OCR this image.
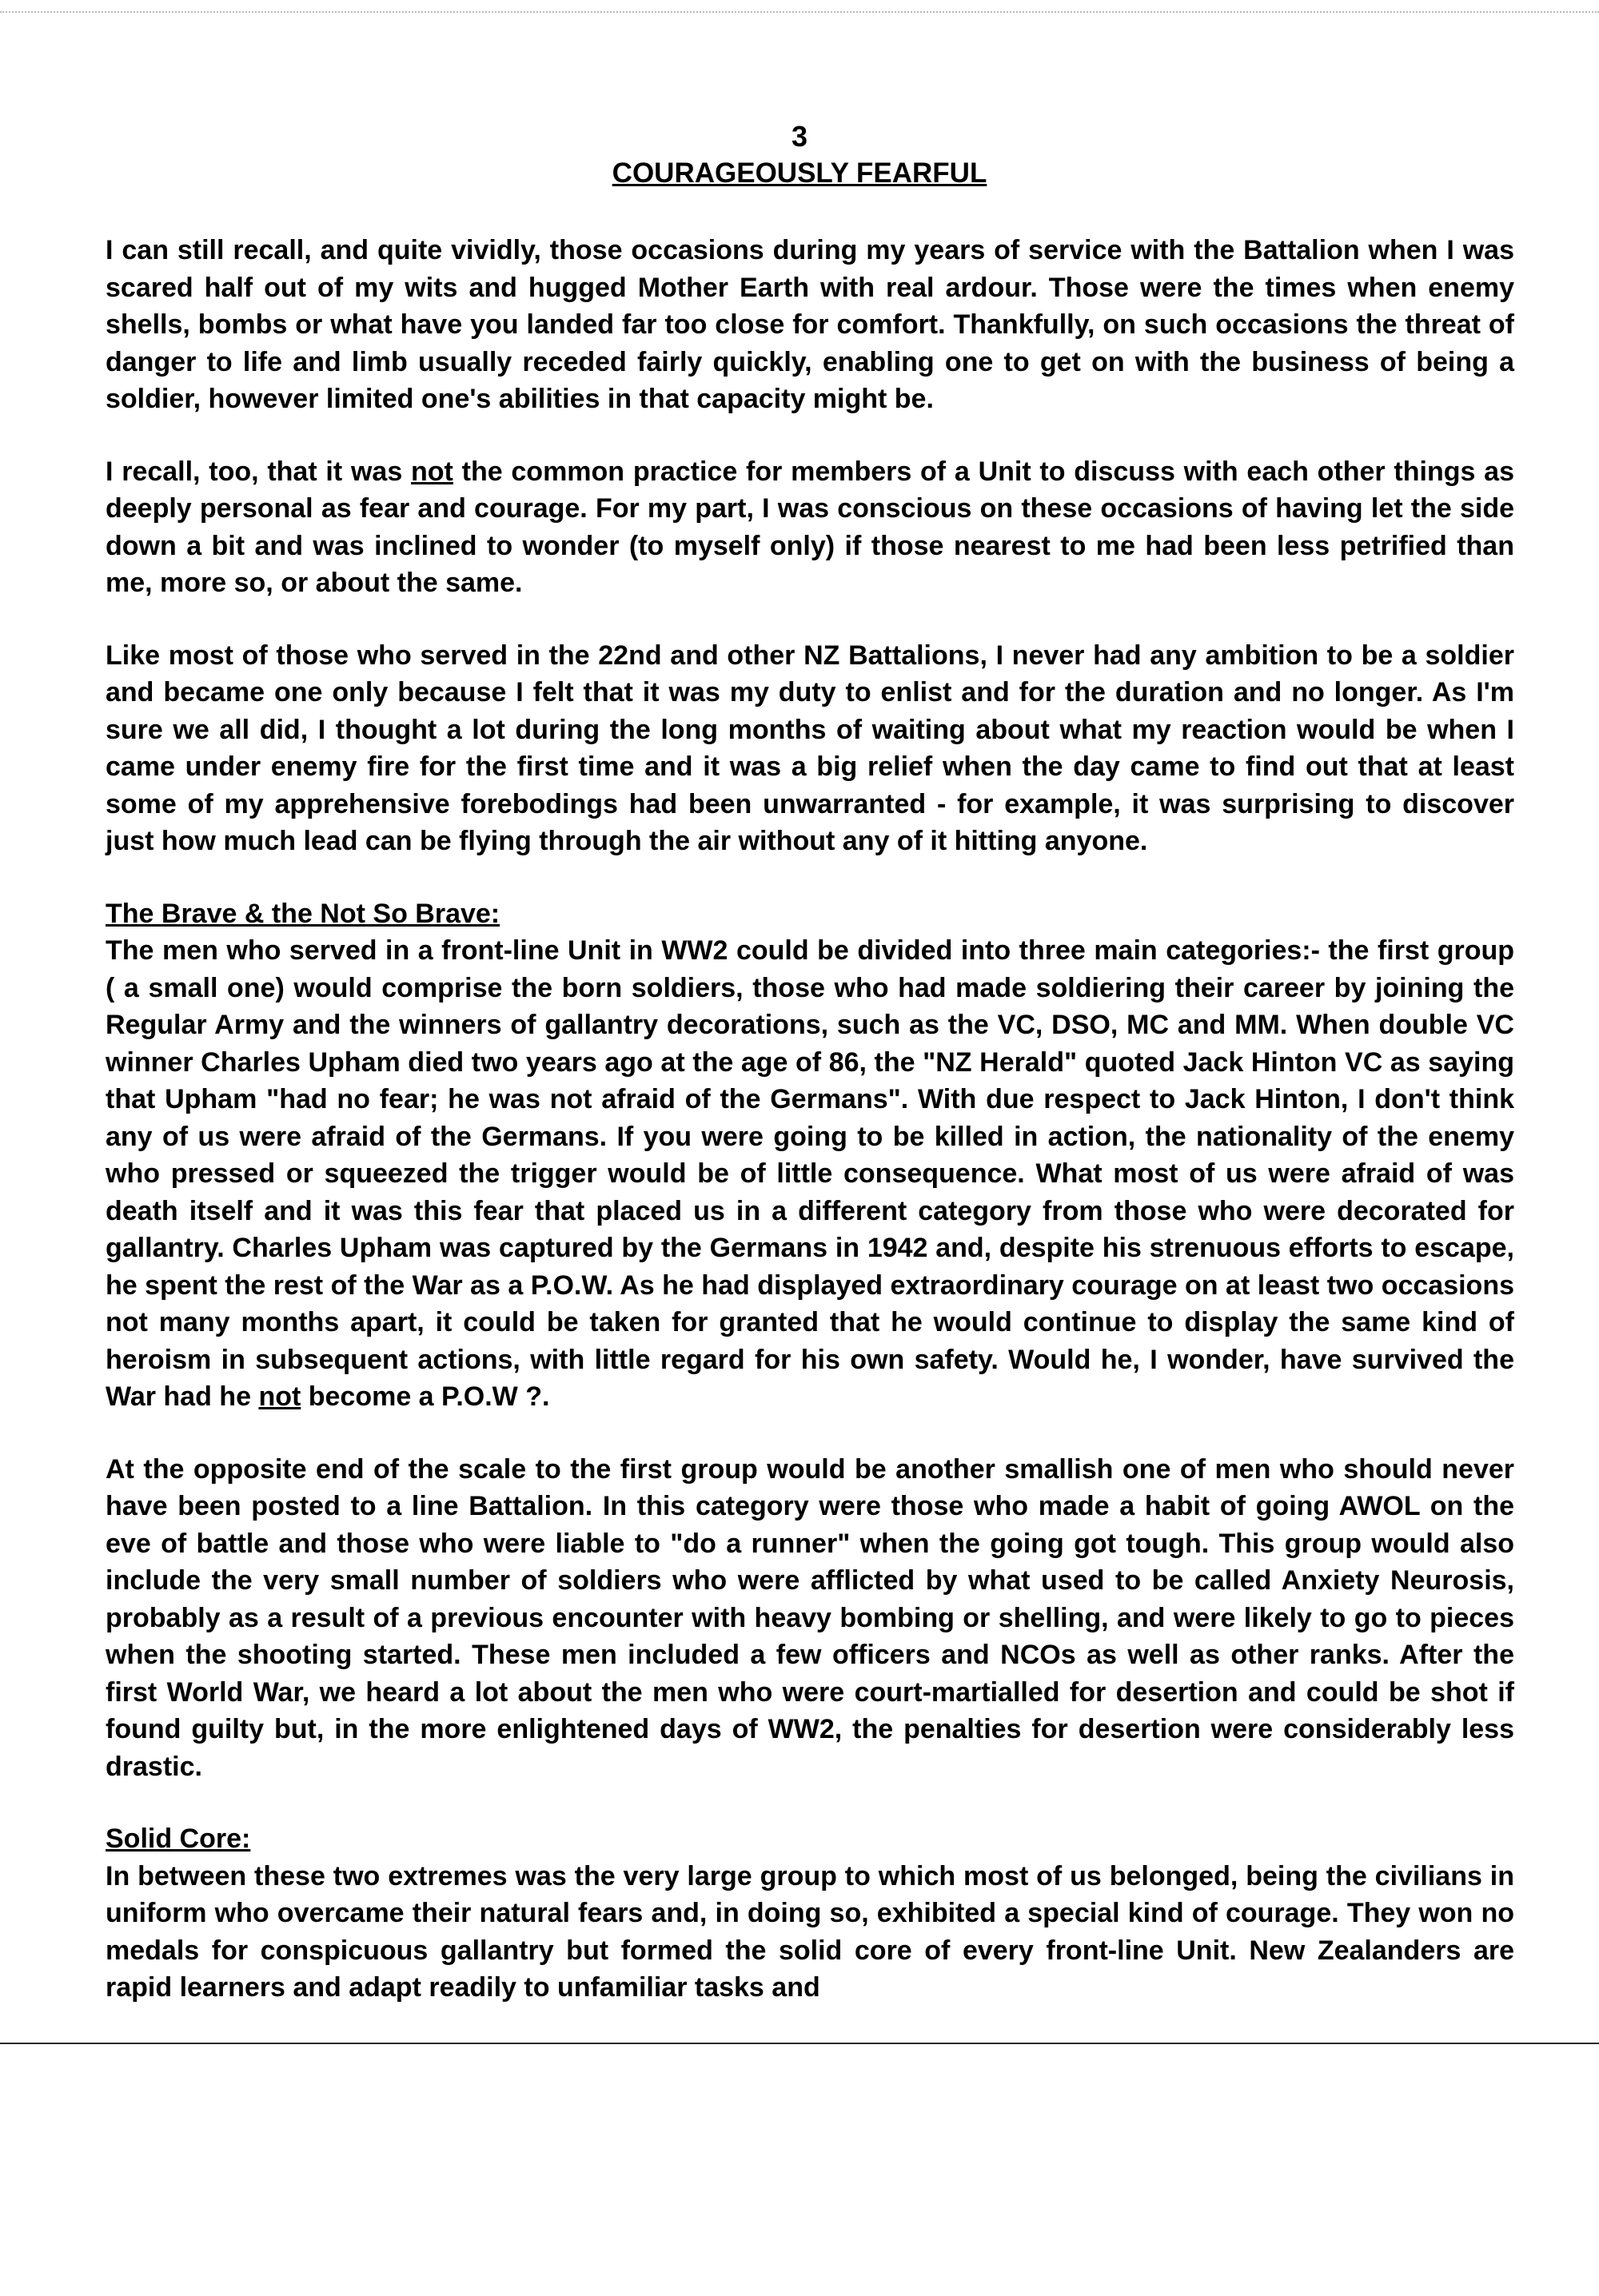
3
COURAGEOUSLY FEARFUL

I can still recall, and quite vividly, those occasions during my years of service with the Battalion when I was scared half out of my wits and hugged Mother Earth with real ardour. Those were the times when enemy shells, bombs or what have you landed far too close for comfort. Thankfully, on such occasions the threat of danger to life and limb usually receded fairly quickly, enabling one to get on with the business of being a soldier, however limited one's abilities in that capacity might be.

I recall, too, that it was not the common practice for members of a Unit to discuss with each other things as deeply personal as fear and courage. For my part, I was conscious on these occasions of having let the side down a bit and was inclined to wonder (to myself only) if those nearest to me had been less petrified than me, more so, or about the same.

Like most of those who served in the 22nd and other NZ Battalions, I never had any ambition to be a soldier and became one only because I felt that it was my duty to enlist and for the duration and no longer. As I'm sure we all did, I thought a lot during the long months of waiting about what my reaction would be when I came under enemy fire for the first time and it was a big relief when the day came to find out that at least some of my apprehensive forebodings had been unwarranted - for example, it was surprising to discover just how much lead can be flying through the air without any of it hitting anyone.

The Brave & the Not So Brave:

The men who served in a front-line Unit in WW2 could be divided into three main categories:- the first group ( a small one) would comprise the born soldiers, those who had made soldiering their career by joining the Regular Army and the winners of gallantry decorations, such as the VC, DSO, MC and MM. When double VC winner Charles Upham died two years ago at the age of 86, the "NZ Herald" quoted Jack Hinton VC as saying that Upham "had no fear; he was not afraid of the Germans". With due respect to Jack Hinton, I don't think any of us were afraid of the Germans. If you were going to be killed in action, the nationality of the enemy who pressed or squeezed the trigger would be of little consequence. What most of us were afraid of was death itself and it was this fear that placed us in a different category from those who were decorated for gallantry. Charles Upham was captured by the Germans in 1942 and, despite his strenuous efforts to escape, he spent the rest of the War as a P.O.W. As he had displayed extraordinary courage on at least two occasions not many months apart, it could be taken for granted that he would continue to display the same kind of heroism in subsequent actions, with little regard for his own safety. Would he, I wonder, have survived the War had he not become a P.O.W ?.

At the opposite end of the scale to the first group would be another smallish one of men who should never have been posted to a line Battalion. In this category were those who made a habit of going AWOL on the eve of battle and those who were liable to "do a runner" when the going got tough. This group would also include the very small number of soldiers who were afflicted by what used to be called Anxiety Neurosis, probably as a result of a previous encounter with heavy bombing or shelling, and were likely to go to pieces when the shooting started. These men included a few officers and NCOs as well as other ranks. After the first World War, we heard a lot about the men who were court-martialled for desertion and could be shot if found guilty but, in the more enlightened days of WW2, the penalties for desertion were considerably less drastic.

Solid Core:

In between these two extremes was the very large group to which most of us belonged, being the civilians in uniform who overcame their natural fears and, in doing so, exhibited a special kind of courage. They won no medals for conspicuous gallantry but formed the solid core of every front-line Unit. New Zealanders are rapid learners and adapt readily to unfamiliar tasks and
